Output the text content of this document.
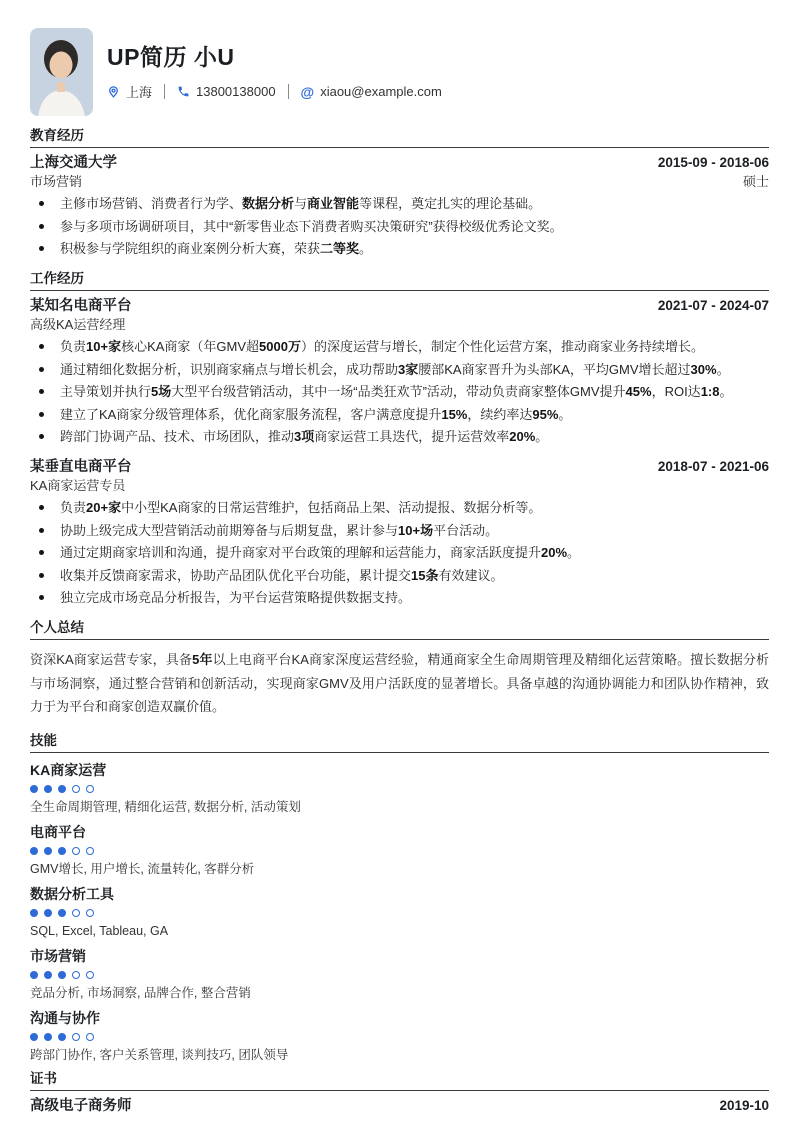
UP简历 小U
上海	13800138000 @ xiaou@example.com
教育经历
上海交通大学	2015-09 - 2018-06
市场营销	硕士
主修市场营销、消费者行为学、数据分析与商业智能等课程，奠定扎实的理论基础。
参与多项市场调研项目，其中“新零售业态下消费者购买决策研究”获得校级优秀论文奖。
积极参与学院组织的商业案例分析大赛，荣获二等奖。
工作经历
某知名电商平台	2021-07 - 2024-07
高级KA运营经理
负责10+家核心KA商家（年GMV超5000万）的深度运营与增长，制定个性化运营方案，推动商家业务持续增长。
通过精细化数据分析，识别商家痛点与增长机会，成功帮助3家腰部KA商家晋升为头部KA，平均GMV增长超过30%。
主导策划并执行5场大型平台级营销活动，其中一场“品类狂欢节”活动，带动负责商家整体GMV提升45%，ROI达1:8。
建立了KA商家分级管理体系，优化商家服务流程，客户满意度提升15%，续约率达95%。
跨部门协调产品、技术、市场团队，推动3项商家运营工具迭代，提升运营效率20%。
某垂直电商平台	2018-07 - 2021-06
KA商家运营专员
负责20+家中小型KA商家的日常运营维护，包括商品上架、活动提报、数据分析等。
协助上级完成大型营销活动前期筹备与后期复盘，累计参与10+场平台活动。
通过定期商家培训和沟通，提升商家对平台政策的理解和运营能力，商家活跃度提升20%。
收集并反馈商家需求，协助产品团队优化平台功能，累计提交15条有效建议。
独立完成市场竞品分析报告，为平台运营策略提供数据支持。
个人总结

资深KA商家运营专家，具备5年以上电商平台KA商家深度运营经验，精通商家全生命周期管理及精细化运营策略。擅长数据分析与市场洞察，通过整合营销和创新活动，实现商家GMV及用户活跃度的显著增长。具备卓越的沟通协调能力和团队协作精神，致力于为平台和商家创造双赢价值。

技能
KA商家运营
全生命周期管理, 精细化运营, 数据分析, 活动策划
电商平台
GMV增长, 用户增长, 流量转化, 客群分析
数据分析工具
SQL, Excel, Tableau, GA
市场营销
竞品分析, 市场洞察, 品牌合作, 整合营销
沟通与协作
跨部门协作, 客户关系管理, 谈判技巧, 团队领导
证书
高级电子商务师	2019-10
